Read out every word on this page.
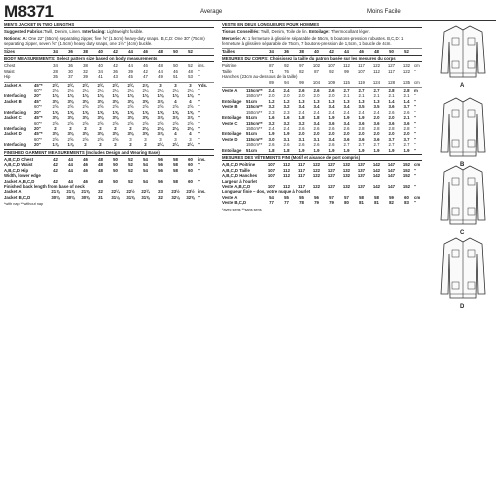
M8371	Average	Moins Facile
MEN'S JACKET IN TWO LENGTHS
Suggested Fabrics:Twill, Denim, Linen. Interfacing: Lightweight fusible.
Notions: A: One 22" (55cm) separating zipper, five ⅝" (1.5cm) heavy-duty snaps. B,C,D: One 30" (75cm) separating zipper, seven ⅝" (1.5cm) heavy duty snaps, one 1½" (4cm) buckle.
Sizes	34	36	38	40	42	44	46	48	50	52
BODY MEASUREMENTS: Select pattern size based on body measurements
Chest	34	36	38	40	42	44	46	48	50	52	ins.
Waist	28	30	32	34	36	39	42	44	46	48	"
Hip	35	37	39	41	43	45	47	49	51	53	"
Jacket A	45"*	2¾	2¾	2¾	2¾	2¾	2¾	2⅞	3	3	3	Yds.
60"*	2⅛	2⅛	2¼	2¼	2¼	2¼	2¼	2¼	2¼	2¼	"
Interfacing	20"	1⅜	1⅜	1⅜	1⅜	1⅜	1⅜	1⅜	1⅜	1⅜	1⅜	"
Jacket B	45"	3⅜	3⅜	3⅜	3⅜	3⅜	3⅜	3⅝	3⅞	4	4	"
60"*	2⅝	2⅝	2⅝	2⅝	2⅝	2⅝	2⅝	2⅝	2⅝	2⅝	"
Interfacing	20"	1⅝	1⅝	1⅝	1⅝	1⅝	1⅝	1⅝	1⅝	1⅝	1⅝	"
Jacket C	45"*	3⅜	3⅜	3⅜	3⅜	3⅜	3⅜	3⅝	3⅞	3⅞	3⅞	"
60"*	2⅝	2⅝	2⅝	2⅝	2⅝	2⅝	2⅝	2⅝	2⅝	2⅝	"
Interfacing	20"	2	2	2	2	2	2	2⅛	2⅛	2⅛	2⅛	"
Jacket D	45"*	3⅜	3⅜	3⅜	3⅜	3⅜	3⅜	3⅝	3⅞	4	4	"
60"*	2⅝	2⅝	2⅝	2⅝	2⅝	3	3	3	3	3	"
Interfacing	20"	1⅞	1⅞	2	2	2	2	2	2¼	2¼	2¼	"
FINISHED GARMENT MEASUREMENTS (Includes Design and Wearing Ease)
A,B,C,D Chest	42	44	46	48	50	52	54	56	58	60	ins.
A,B,C,D Waist	42	44	46	48	50	52	54	56	58	60	"
A,B,C,D Hip	42	44	46	48	50	52	54	56	58	60	"
Width, lower edge
Jacket A,B,C,D	42	44	46	48	50	52	54	56	58	60	"
Finished back length from base of neck
Jacket A	21⅞	21⅞	21⅝	22	22¼	22½	22¾	23	23½	23½ ins.
Jacket B,C,D	30⅜	30⅜	30⅝	31	31⅛	31⅝	31⅝	32	32⅛	32⅝ "
*with nap **without nap
VESTE EN DEUX LONGUEURS POUR HOMMES
Tissus Conseillés: Twill, Denim, Toile de lin. Entoilage: Thermocollant léger.
Mercerie: A: 1 fermeture à glissière séparable de 55cm, 5 boutons-pression robustes. B,C,D: 1 fermeture à glissière séparable de 75cm, 7 boutons-pression de 1,5cm, 1 boucle de 4cm.
Tailles	34	36	38	40	42	44	46	48	50	52
MESURES DU CORPS: Choisissez la taille du patron basée sur les mesures du corps
Poitrine	87	92	97	102	107	112	117	122	127	132 cm
Taille	71	76	82	87	92	99	107	112	117	122 "
Hanches (23cm au-dessous de la taille)
89	94	99	104	109	115	119	124	128	135 cm
Veste A	115cm**	2.4	2.4	2.6	2.6	2.6	2.7	2.7	2.7	2.8	2.8	m
150cm**	2.0	2.0	2.0	2.0	2.0	2.1	2.1	2.1	2.1	2.1	"
Entoilage	51cm	1.2	1.2	1.3	1.3	1.3	1.3	1.3	1.3	1.4	1.4	"
Veste B	115cm**	3.2	3.2	3.4	3.4	3.4	3.4	3.5	3.5	3.6	3.7	"
150cm**	2.3	2.3	2.4	2.4	2.4	2.4	2.4	2.4	2.6	2.6	"
Entoilage	51cm	1.6	1.6	1.8	1.8	1.9	1.9	1.9	2.0	2.0	2.1	"
Veste C	115cm**	3.2	3.2	3.2	3.4	3.6	3.4	3.6	3.6	3.6	3.6	"
150cm**	2.4	2.4	2.6	2.6	2.6	2.6	2.8	2.8	2.8	2.8	"
Entoilage	51cm	1.9	1.9	2.0	2.0	2.0	2.0	2.0	2.0	2.0	2.0	"
Veste D	115cm**	3.0	3.1	3.1	3.1	3.4	3.6	3.6	3.6	3.7	3.7	"
150cm**	2.6	2.6	2.6	2.6	2.6	2.7	2.7	2.7	2.7	2.7	"
Entoilage	51cm	1.8	1.8	1.9	1.9	1.9	1.9	1.9	1.9	1.9	1.9	"
MESURES DES VÊTEMENTS FINI (Motif et aisance de port compris)
A,B,C,D Poitrine	107	112	117	122	127	132	137	142	147	152 cm
A,B,C,D Taille	107	112	117	122	127	132	137	142	147	152 "
A,B,C,D Hanches	107	112	117	122	127	132	137	142	147	152 "
Largeur à l'ourlet
Veste A,B,C,D	107	112	117	122	127	132	137	142	147	152 "
Longueur finie – dos, votre nuque à l'ourlet
Veste A	54	55	55	56	57	57	58	58	59	60	cm
Veste B,C,D	77	77	78	79	79	80	81	81	82	83	"
*avec sens **sans sens
A
B
C
D
